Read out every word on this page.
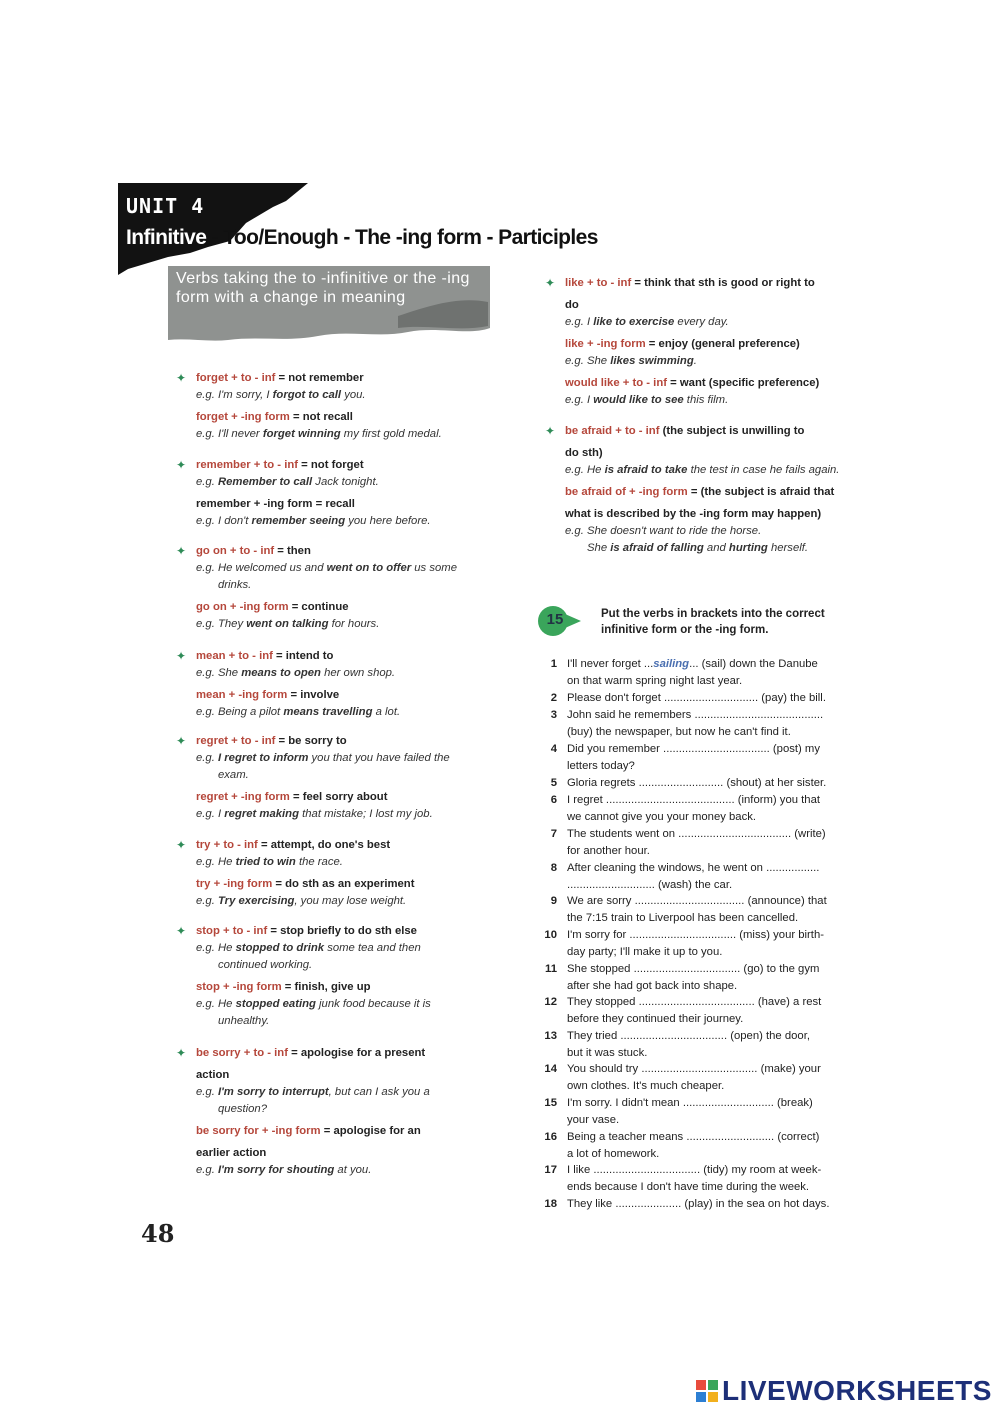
UNIT 4
Infinitive - Too/Enough - The -ing form - Participles
Verbs taking the to -infinitive or the -ing form with a change in meaning
✦ forget + to - inf = not remember
e.g. I'm sorry, I forgot to call you.
forget + -ing form = not recall
e.g. I'll never forget winning my first gold medal.
✦ remember + to - inf = not forget
e.g. Remember to call Jack tonight.
remember + -ing form = recall
e.g. I don't remember seeing you here before.
✦ go on + to - inf = then
e.g. He welcomed us and went on to offer us some
drinks.
go on + -ing form = continue
e.g. They went on talking for hours.
✦ mean + to - inf = intend to
e.g. She means to open her own shop.
mean + -ing form = involve
e.g. Being a pilot means travelling a lot.
✦ regret + to - inf = be sorry to
e.g. I regret to inform you that you have failed the
exam.
regret + -ing form = feel sorry about
e.g. I regret making that mistake; I lost my job.
✦ try + to - inf = attempt, do one's best
e.g. He tried to win the race.
try + -ing form = do sth as an experiment
e.g. Try exercising, you may lose weight.
✦ stop + to - inf = stop briefly to do sth else
e.g. He stopped to drink some tea and then
continued working.
stop + -ing form = finish, give up
e.g. He stopped eating junk food because it is
unhealthy.
✦ be sorry + to - inf = apologise for a present
action
e.g. I'm sorry to interrupt, but can I ask you a
question?
be sorry for + -ing form = apologise for an
earlier action
e.g. I'm sorry for shouting at you.
✦ like + to - inf = think that sth is good or right to
do
e.g. I like to exercise every day.
like + -ing form = enjoy (general preference)
e.g. She likes swimming.
would like + to - inf = want (specific preference)
e.g. I would like to see this film.
✦ be afraid + to - inf (the subject is unwilling to
do sth)
e.g. He is afraid to take the test in case he fails again.
be afraid of + -ing form = (the subject is afraid that
what is described by the -ing form may happen)
e.g. She doesn't want to ride the horse.
She is afraid of falling and hurting herself.
15	Put the verbs in brackets into the correct
infinitive form or the -ing form.
1 I'll never forget ...sailing... (sail) down the Danube
on that warm spring night last year.
2 Please don't forget .............................. (pay) the bill.
3 John said he remembers .........................................
(buy) the newspaper, but now he can't find it.
4 Did you remember .................................. (post) my
letters today?
5 Gloria regrets ........................... (shout) at her sister.
6 I regret ......................................... (inform) you that
we cannot give you your money back.
7 The students went on .................................... (write)
for another hour.
8 After cleaning the windows, he went on .................
............................ (wash) the car.
9 We are sorry ................................... (announce) that
the 7:15 train to Liverpool has been cancelled.
10 I'm sorry for .................................. (miss) your birth-
day party; I'll make it up to you.
11 She stopped .................................. (go) to the gym
after she had got back into shape.
12 They stopped ..................................... (have) a rest
before they continued their journey.
13 They tried .................................. (open) the door,
but it was stuck.
14 You should try ..................................... (make) your
own clothes. It's much cheaper.
15 I'm sorry. I didn't mean ............................. (break)
your vase.
16 Being a teacher means ............................ (correct)
a lot of homework.
17 I like .................................. (tidy) my room at week-
ends because I don't have time during the week.
18 They like ..................... (play) in the sea on hot days.
48
LIVEWORKSHEETS
